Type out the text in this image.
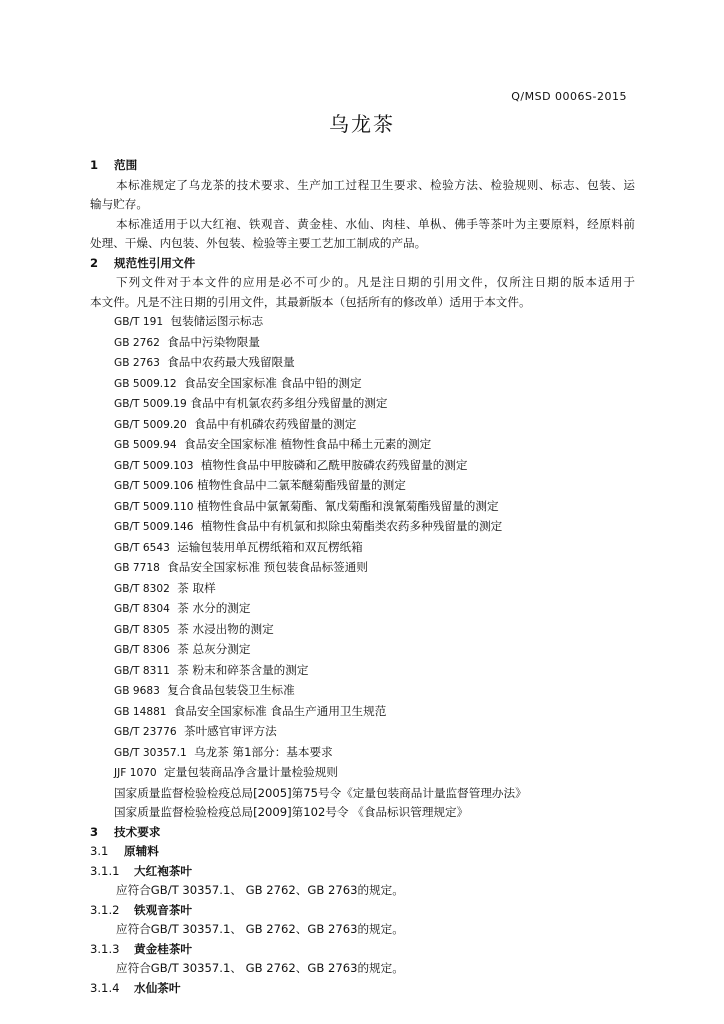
Q/MSD 0006S-2015
乌龙茶
1 范围
本标准规定了乌龙茶的技术要求、生产加工过程卫生要求、检验方法、检验规则、标志、包装、运
输与贮存。
本标准适用于以大红袍、铁观音、黄金桂、水仙、肉桂、单枞、佛手等茶叶为主要原料，经原料前
处理、干燥、内包装、外包装、检验等主要工艺加工制成的产品。
2 规范性引用文件
下列文件对于本文件的应用是必不可少的。凡是注日期的引用文件，仅所注日期的版本适用于
本文件。凡是不注日期的引用文件，其最新版本（包括所有的修改单）适用于本文件。
GB/T 191 包装储运图示标志
GB 2762 食品中污染物限量
GB 2763 食品中农药最大残留限量
GB 5009.12 食品安全国家标准 食品中铅的测定
GB/T 5009.19 食品中有机氯农药多组分残留量的测定
GB/T 5009.20 食品中有机磷农药残留量的测定
GB 5009.94 食品安全国家标准 植物性食品中稀土元素的测定
GB/T 5009.103 植物性食品中甲胺磷和乙酰甲胺磷农药残留量的测定
GB/T 5009.106 植物性食品中二氯苯醚菊酯残留量的测定
GB/T 5009.110 植物性食品中氯氰菊酯、氰戊菊酯和溴氰菊酯残留量的测定
GB/T 5009.146 植物性食品中有机氯和拟除虫菊酯类农药多种残留量的测定
GB/T 6543 运输包装用单瓦楞纸箱和双瓦楞纸箱
GB 7718 食品安全国家标准 预包装食品标签通则
GB/T 8302 茶 取样
GB/T 8304 茶 水分的测定
GB/T 8305 茶 水浸出物的测定
GB/T 8306 茶 总灰分测定
GB/T 8311 茶 粉末和碎茶含量的测定
GB 9683 复合食品包装袋卫生标准
GB 14881 食品安全国家标准 食品生产通用卫生规范
GB/T 23776 茶叶感官审评方法
GB/T 30357.1 乌龙茶 第1部分：基本要求
JJF 1070 定量包装商品净含量计量检验规则
国家质量监督检验检疫总局[2005]第75号令《定量包装商品计量监督管理办法》
国家质量监督检验检疫总局[2009]第102号令 《食品标识管理规定》
3 技术要求
3.1 原辅料
3.1.1 大红袍茶叶
应符合GB/T 30357.1、 GB 2762、GB 2763的规定。
3.1.2 铁观音茶叶
应符合GB/T 30357.1、 GB 2762、GB 2763的规定。
3.1.3 黄金桂茶叶
应符合GB/T 30357.1、 GB 2762、GB 2763的规定。
3.1.4 水仙茶叶
